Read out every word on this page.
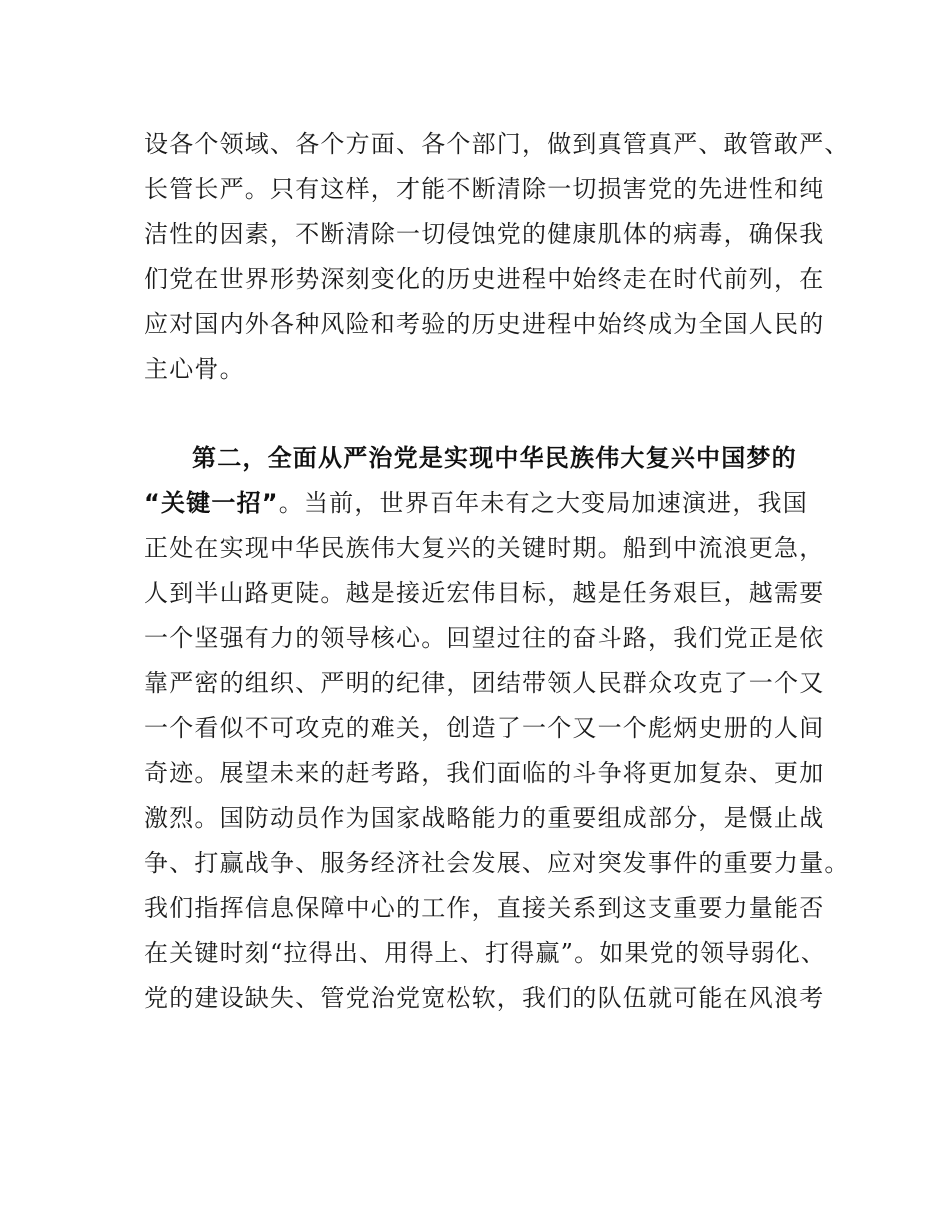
设各个领域、各个方面、各个部门，做到真管真严、敢管敢严、
长管长严。只有这样，才能不断清除一切损害党的先进性和纯
洁性的因素，不断清除一切侵蚀党的健康肌体的病毒，确保我
们党在世界形势深刻变化的历史进程中始终走在时代前列，在
应对国内外各种风险和考验的历史进程中始终成为全国人民的
主心骨。
第二，全面从严治党是实现中华民族伟大复兴中国梦的
“关键一招”。当前，世界百年未有之大变局加速演进，我国
正处在实现中华民族伟大复兴的关键时期。船到中流浪更急，
人到半山路更陡。越是接近宏伟目标，越是任务艰巨，越需要
一个坚强有力的领导核心。回望过往的奋斗路，我们党正是依
靠严密的组织、严明的纪律，团结带领人民群众攻克了一个又
一个看似不可攻克的难关，创造了一个又一个彪炳史册的人间
奇迹。展望未来的赶考路，我们面临的斗争将更加复杂、更加
激烈。国防动员作为国家战略能力的重要组成部分，是慑止战
争、打赢战争、服务经济社会发展、应对突发事件的重要力量。
我们指挥信息保障中心的工作，直接关系到这支重要力量能否
在关键时刻“拉得出、用得上、打得赢”。如果党的领导弱化、
党的建设缺失、管党治党宽松软，我们的队伍就可能在风浪考
